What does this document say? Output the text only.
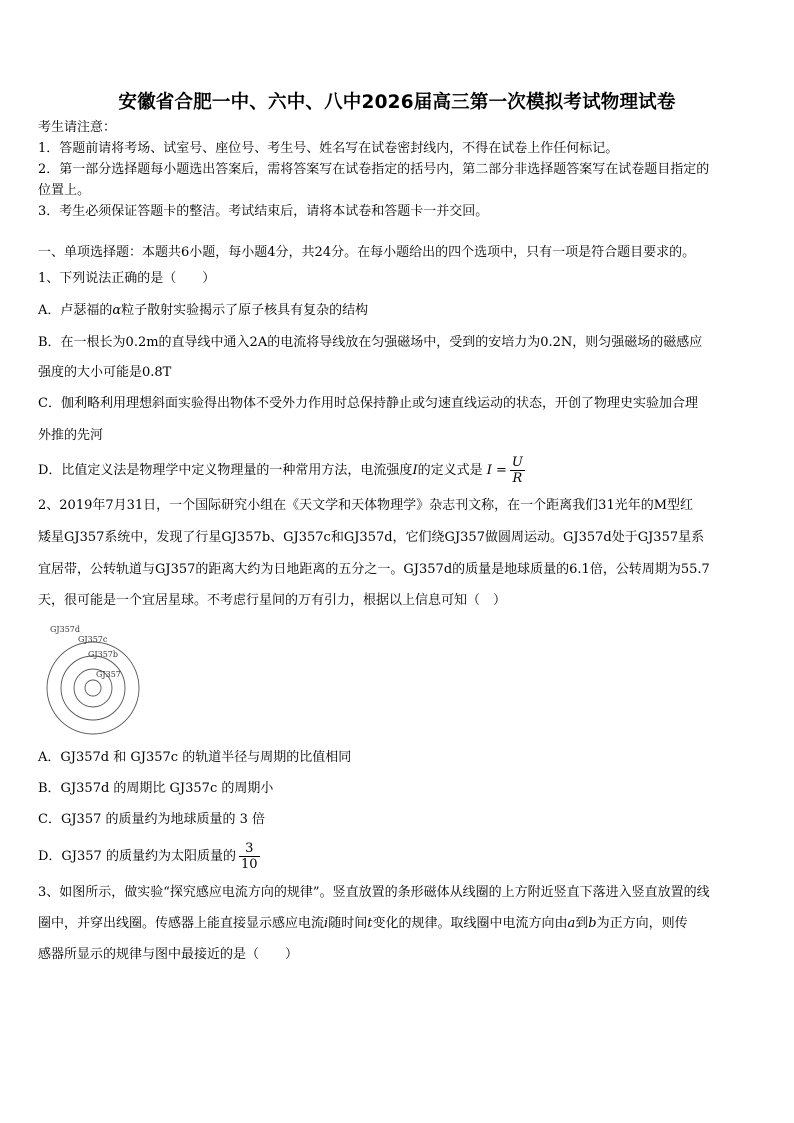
安徽省合肥一中、六中、八中2026届高三第一次模拟考试物理试卷
考生请注意：
1．答题前请将考场、试室号、座位号、考生号、姓名写在试卷密封线内，不得在试卷上作任何标记。
2．第一部分选择题每小题选出答案后，需将答案写在试卷指定的括号内，第二部分非选择题答案写在试卷题目指定的
位置上。
3．考生必须保证答题卡的整洁。考试结束后，请将本试卷和答题卡一并交回。
一、单项选择题：本题共6小题，每小题4分，共24分。在每小题给出的四个选项中，只有一项是符合题目要求的。
1、下列说法正确的是（　　）
A．卢瑟福的α粒子散射实验揭示了原子核具有复杂的结构
B．在一根长为0.2m的直导线中通入2A的电流将导线放在匀强磁场中，受到的安培力为0.2N，则匀强磁场的磁感应
强度的大小可能是0.8T
C．伽利略利用理想斜面实验得出物体不受外力作用时总保持静止或匀速直线运动的状态，开创了物理史实验加合理
外推的先河
D．比值定义法是物理学中定义物理量的一种常用方法，电流强度I的定义式是 $I = \frac{U}{R}$
2、2019年7月31日，一个国际研究小组在《天文学和天体物理学》杂志刊文称，在一个距离我们31光年的M型红
矮星GJ357系统中，发现了行星GJ357b、GJ357c和GJ357d，它们绕GJ357做圆周运动。GJ357d处于GJ357星系
宜居带，公转轨道与GJ357的距离大约为日地距离的五分之一。GJ357d的质量是地球质量的6.1倍，公转周期为55.7
天，很可能是一个宜居星球。不考虑行星间的万有引力，根据以上信息可知（　）
GJ357d
GJ357c
GJ357b
GJ357
A．GJ357d 和 GJ357c 的轨道半径与周期的比值相同
B．GJ357d 的周期比 GJ357c 的周期小
C．GJ357 的质量约为地球质量的 3 倍
D．GJ357 的质量约为太阳质量的 $\frac{3}{10}$
3、如图所示，做实验“探究感应电流方向的规律”。竖直放置的条形磁体从线圈的上方附近竖直下落进入竖直放置的线
圈中，并穿出线圈。传感器上能直接显示感应电流i随时间t变化的规律。取线圈中电流方向由a到b为正方向，则传
感器所显示的规律与图中最接近的是（　　）
